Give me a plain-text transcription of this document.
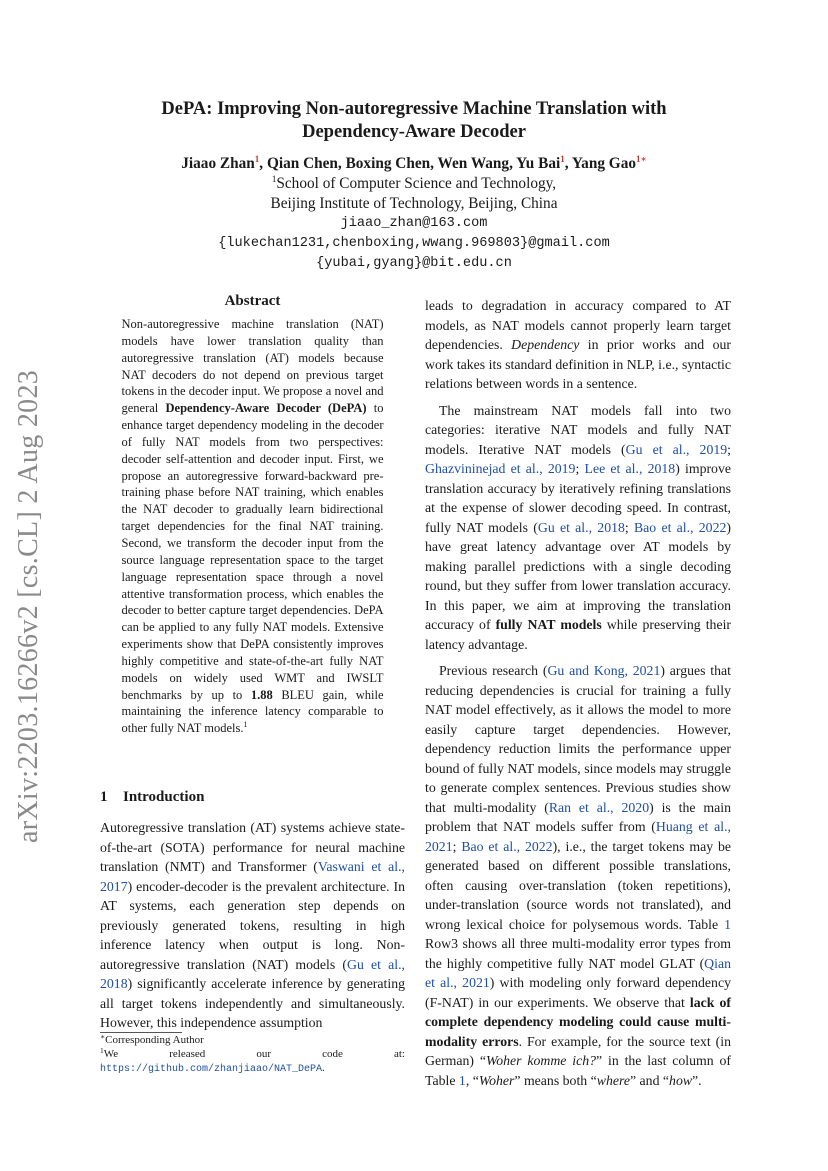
arXiv:2203.16266v2 [cs.CL] 2 Aug 2023
DePA: Improving Non-autoregressive Machine Translation with
Dependency-Aware Decoder
Jiaao Zhan$^1$, Qian Chen, Boxing Chen, Wen Wang, Yu Bai$^1$, Yang Gao$^{1∗}$
$^1$School of Computer Science and Technology,
Beijing Institute of Technology, Beijing, China
jiaao_zhan@163.com
{lukechan1231,chenboxing,wwang.969803}@gmail.com
{yubai,gyang}@bit.edu.cn
Abstract

Non-autoregressive machine translation (NAT) models have lower translation quality than autoregressive translation (AT) models because NAT decoders do not depend on previous target tokens in the decoder input. We propose a novel and general Dependency-Aware Decoder (DePA) to enhance target dependency modeling in the decoder of fully NAT models from two perspectives: decoder self-attention and decoder input. First, we propose an autoregressive forward-backward pre-training phase before NAT training, which enables the NAT decoder to gradually learn bidirectional target dependencies for the final NAT training. Second, we transform the decoder input from the source language representation space to the target language representation space through a novel attentive transformation process, which enables the decoder to better capture target dependencies. DePA can be applied to any fully NAT models. Extensive experiments show that DePA consistently improves highly competitive and state-of-the-art fully NAT models on widely used WMT and IWSLT benchmarks by up to 1.88 BLEU gain, while maintaining the inference latency comparable to other fully NAT models.$^1$

1 Introduction
Autoregressive translation (AT) systems achieve state-of-the-art (SOTA) performance for neural machine translation (NMT) and Transformer (Vaswani et al., 2017) encoder-decoder is the prevalent architecture. In AT systems, each generation step depends on previously generated tokens, resulting in high inference latency when output is long. Non-autoregressive translation (NAT) models (Gu et al., 2018) significantly accelerate inference by generating all target tokens independently and simultaneously. However, this independence assumption
∗Corresponding Author
$^1$We released our code at: https://github.com/zhanjiaao/NAT_DePA.

leads to degradation in accuracy compared to AT models, as NAT models cannot properly learn target dependencies. Dependency in prior works and our work takes its standard definition in NLP, i.e., syntactic relations between words in a sentence.

The mainstream NAT models fall into two categories: iterative NAT models and fully NAT models. Iterative NAT models (Gu et al., 2019; Ghazvininejad et al., 2019; Lee et al., 2018) improve translation accuracy by iteratively refining translations at the expense of slower decoding speed. In contrast, fully NAT models (Gu et al., 2018; Bao et al., 2022) have great latency advantage over AT models by making parallel predictions with a single decoding round, but they suffer from lower translation accuracy. In this paper, we aim at improving the translation accuracy of fully NAT models while preserving their latency advantage.

Previous research (Gu and Kong, 2021) argues that reducing dependencies is crucial for training a fully NAT model effectively, as it allows the model to more easily capture target dependencies. However, dependency reduction limits the performance upper bound of fully NAT models, since models may struggle to generate complex sentences. Previous studies show that multi-modality (Ran et al., 2020) is the main problem that NAT models suffer from (Huang et al., 2021; Bao et al., 2022), i.e., the target tokens may be generated based on different possible translations, often causing over-translation (token repetitions), under-translation (source words not translated), and wrong lexical choice for polysemous words. Table 1 Row3 shows all three multi-modality error types from the highly competitive fully NAT model GLAT (Qian et al., 2021) with modeling only forward dependency (F-NAT) in our experiments. We observe that lack of complete dependency modeling could cause multi-modality errors. For example, for the source text (in German) “Woher komme ich?” in the last column of Table 1, “Woher” means both “where” and “how”.
